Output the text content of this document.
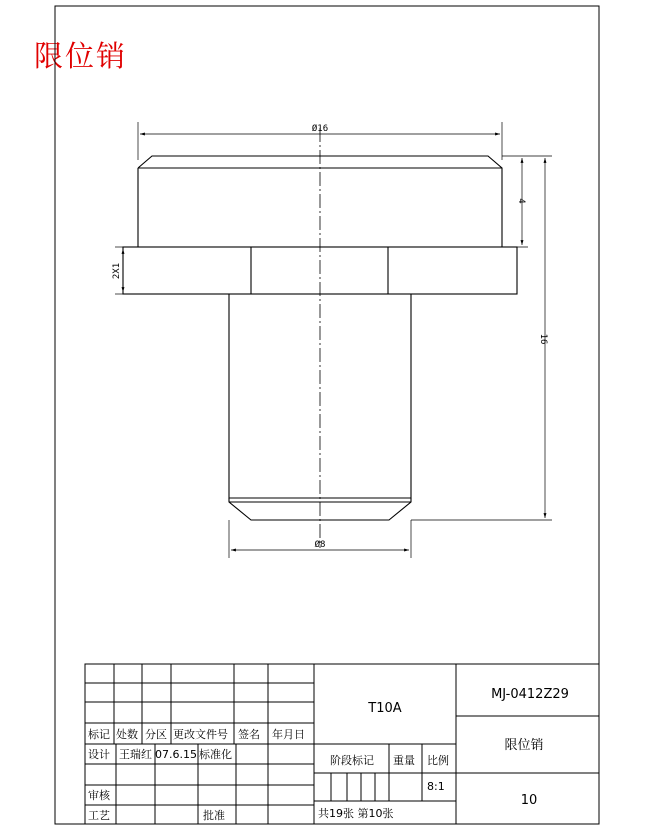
限位销
Ø16
4
16
2X1
Ø8
T10A
MJ-0412Z29
限位销
10
共19张 第10张
标记 处数 分区 更改文件号 签名 年月日
阶段标记 重量 比例
8:1
设计 王瑞红 07.6.15 标准化
审核
工艺	批准
